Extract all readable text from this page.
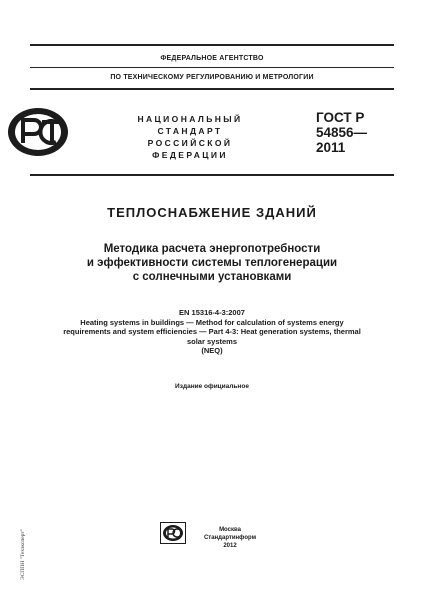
ФЕДЕРАЛЬНОЕ АГЕНТСТВО
ПО ТЕХНИЧЕСКОМУ РЕГУЛИРОВАНИЮ И МЕТРОЛОГИИ
НАЦИОНАЛЬНЫЙ
СТАНДАРТ
РОССИЙСКОЙ
ФЕДЕРАЦИИ
ГОСТ Р
54856—
2011
ТЕПЛОСНАБЖЕНИЕ ЗДАНИЙ
Методика расчета энергопотребности
и эффективности системы теплогенерации
с солнечными установками
EN 15316-4-3:2007
Heating systems in buildings — Method for calculation of systems energy
requirements and system efficiencies — Part 4-3: Heat generation systems, thermal
solar systems
(NEQ)
Издание официальное
ЭСППН "Техэксперт"	Москва
Стандартинформ
2012
